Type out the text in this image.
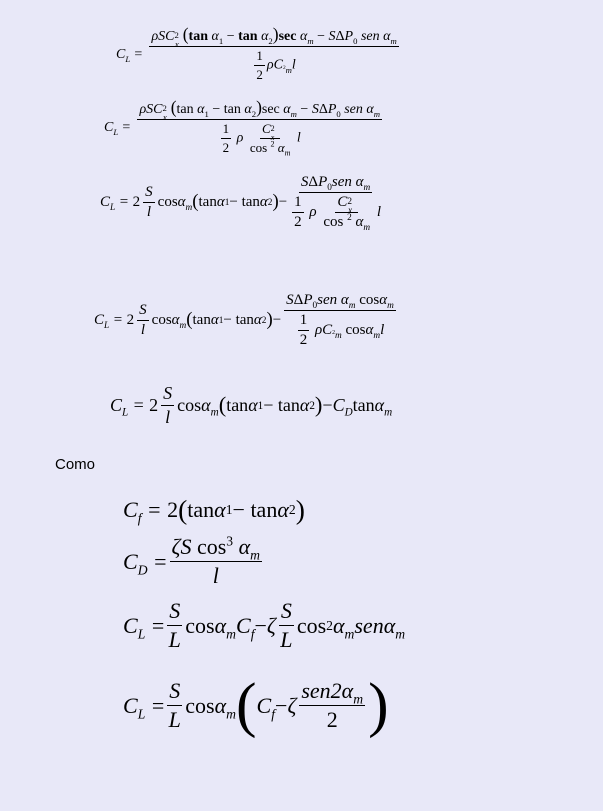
$C_L = \frac{\rho SC_{2x} (\tan \alpha_1 - \tan \alpha_2)\sec \alpha_m - S\Delta P_0 sen \alpha_m}{\frac{1}{2} \rho C_{^2m}l}$
$C_L = \frac{\rho SC_{2x} (\tan \alpha_1 - \tan \alpha_2)\sec \alpha_m - S\Delta P_0 sen \alpha_m}{\frac{1}{2} \rho \frac{C_{2x}}{\cos ^2 \alpha_m} l}$
$C_L = 2 \frac{S}{l}$ $\cos \alpha_m$ ( tan α 1 − tan α 2 ) − $\frac{S\Delta P_0sen \alpha_m}{\frac{1}{2} \rho \frac{C_{2x}}{\cos ^2 \alpha_m} l}$
$C_L = 2 \frac{S}{l}$ $\cos \alpha_m$ ( tan α 1 − tan α 2 ) − $\frac{S\Delta P_0sen \alpha_m \cos\alpha_m}{\frac{1}{2} \rho C_{^2m} \cos\alpha_ml}$
$C_L = 2 \frac{S}{l}$ $\cos \alpha_m$ ( tan α 1 − tan α 2 ) − $C_D$ $\tan \alpha_m$
Como
$C_f = 2$ ( tan α 1 − tan α 2 )
$C_D = \frac{\zeta S \cos^3 \alpha_m}{l}$
$C_L = \frac{S}{L}$ $\cos \alpha_mC_f - \zeta \frac{S}{L}$ cos 2 $\alpha_msen\alpha_m$
$C_L = \frac{S}{L}$ $\cos \alpha_m$ ( $C_f - \zeta \frac{sen2\alpha_m}{2}$ )
